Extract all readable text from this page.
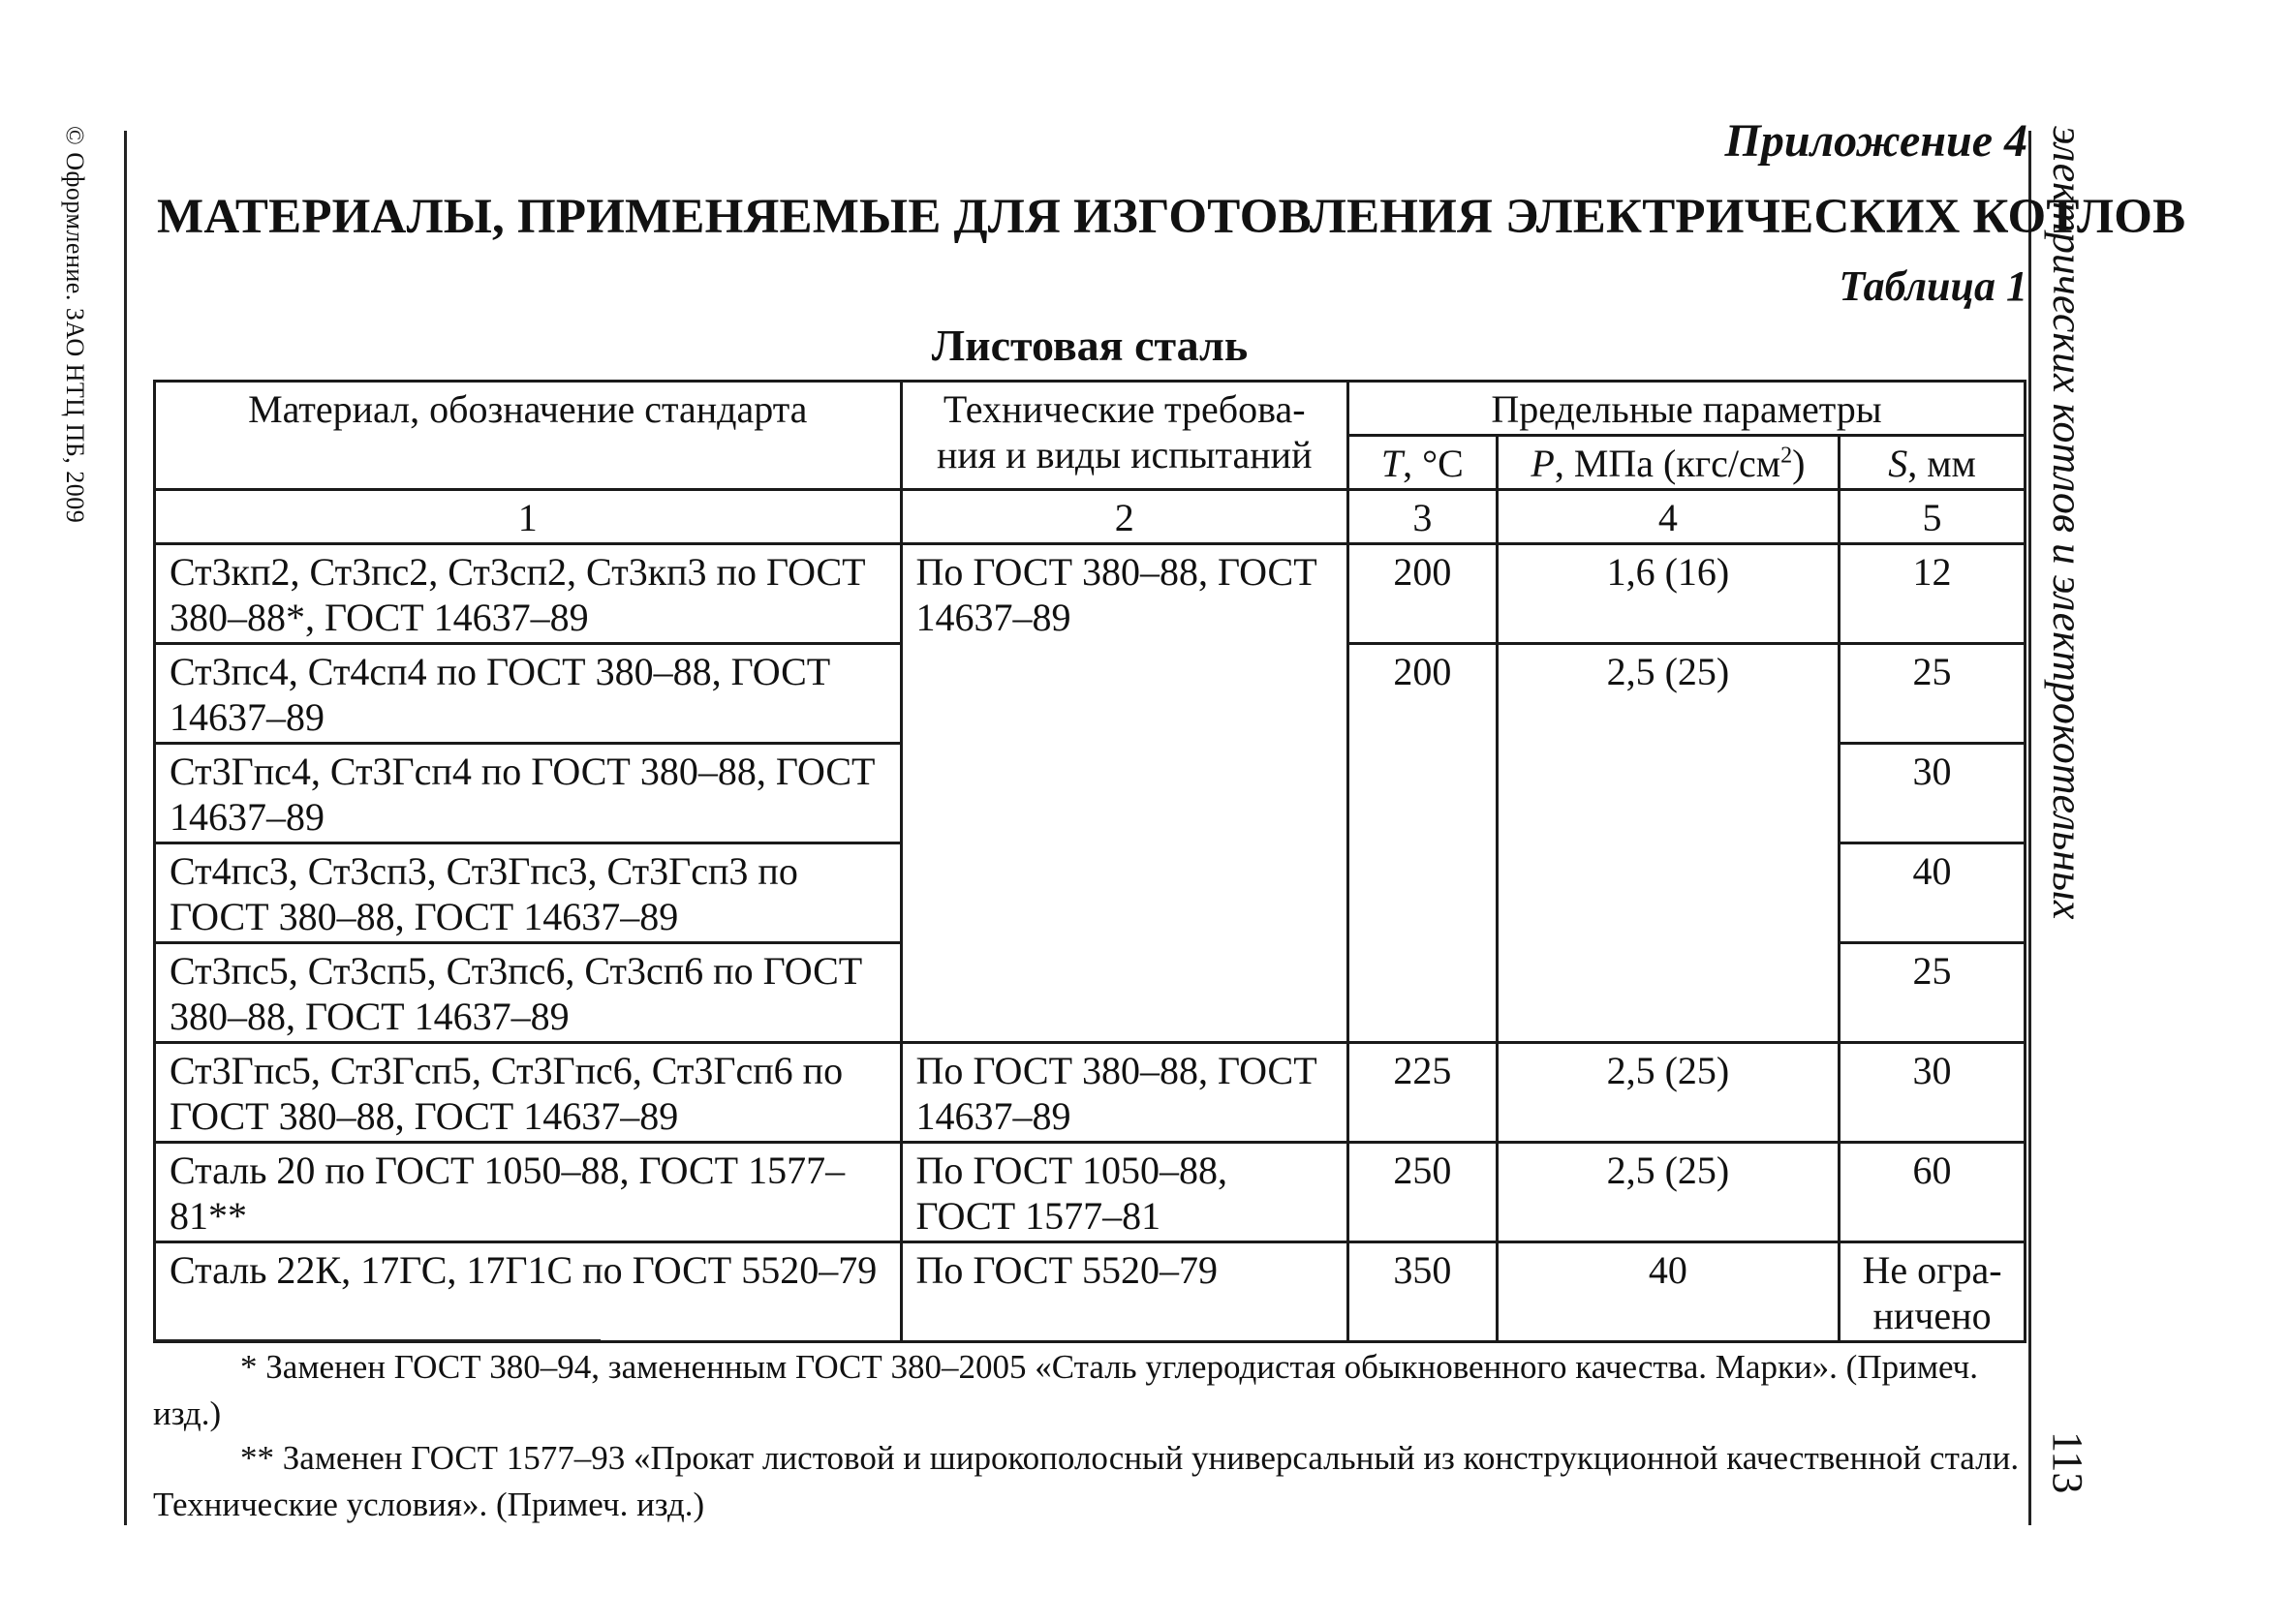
© Оформление. ЗАО НТЦ ПБ, 2009	электрических котлов и электрокотельных
113
Приложение 4
МАТЕРИАЛЫ, ПРИМЕНЯЕМЫЕ ДЛЯ ИЗГОТОВЛЕНИЯ ЭЛЕКТРИЧЕСКИХ КОТЛОВ
Таблица 1
Листовая сталь
Материал, обозначение стандарта	Технические требова-ния и виды испытаний	Предельные параметры		
		T, °C	P, МПа $(кгс/см^2)$	S, мм
1	2	3	4	5
Ст3кп2, Ст3пс2, Ст3сп2, Ст3кп3 по ГОСТ 380–88*, ГОСТ 14637–89	По ГОСТ 380–88, ГОСТ 14637–89	200	1,6 (16)	12
Ст3пс4, Ст4сп4 по ГОСТ 380–88, ГОСТ 14637–89		200	2,5 (25)	25
Ст3Гпс4, Ст3Гсп4 по ГОСТ 380–88, ГОСТ 14637–89				30
Ст4пс3, Ст3сп3, Ст3Гпс3, Ст3Гсп3 по ГОСТ 380–88, ГОСТ 14637–89				40
Ст3пс5, Ст3сп5, Ст3пс6, Ст3сп6 по ГОСТ 380–88, ГОСТ 14637–89				25
Ст3Гпс5, Ст3Гсп5, Ст3Гпс6, Ст3Гсп6 по ГОСТ 380–88, ГОСТ 14637–89	По ГОСТ 380–88, ГОСТ 14637–89	225	2,5 (25)	30
Сталь 20 по ГОСТ 1050–88, ГОСТ 1577–81**	По ГОСТ 1050–88, ГОСТ 1577–81	250	2,5 (25)	60
Сталь 22К, 17ГС, 17Г1С по ГОСТ 5520–79	По ГОСТ 5520–79	350	40	Не огра-ничено
* Заменен ГОСТ 380–94, замененным ГОСТ 380–2005 «Сталь углеродистая обыкновенного качества. Марки». (Примеч. изд.)
** Заменен ГОСТ 1577–93 «Прокат листовой и широкополосный универсальный из конструкционной качественной стали. Технические условия». (Примеч. изд.)
